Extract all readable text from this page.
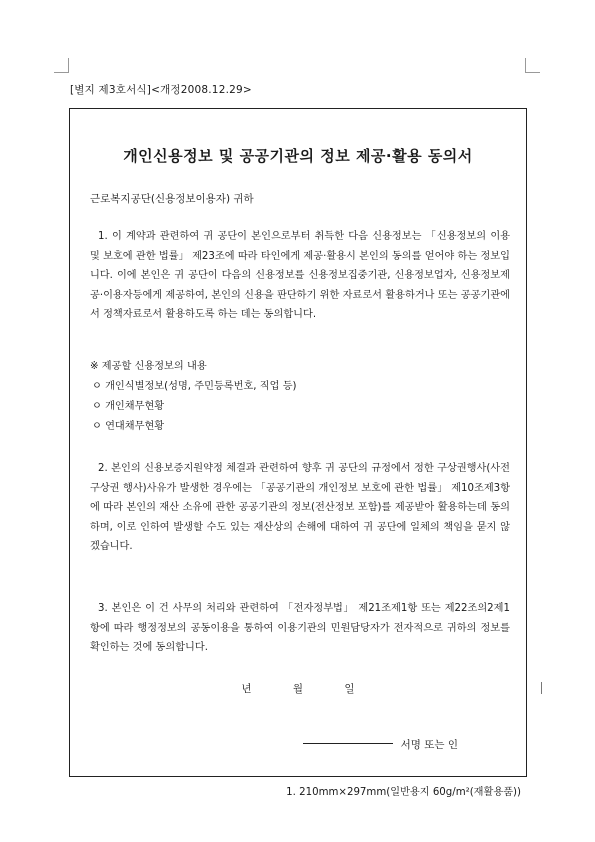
[별지 제3호서식]<개정2008.12.29>
개인신용정보 및 공공기관의 정보 제공·활용 동의서
근로복지공단(신용정보이용자) 귀하
1. 이 계약과 관련하여 귀 공단이 본인으로부터 취득한 다음 신용정보는 「신용정보의 이용 및 보호에 관한 법률」 제23조에 따라 타인에게 제공·활용시 본인의 동의를 얻어야 하는 정보입니다. 이에 본인은 귀 공단이 다음의 신용정보를 신용정보집중기관, 신용정보업자, 신용정보제공·이용자등에게 제공하여, 본인의 신용을 판단하기 위한 자료로서 활용하거나 또는 공공기관에서 정책자료로서 활용하도록 하는 데는 동의합니다.
※ 제공할 신용정보의 내용
ㅇ 개인식별정보(성명, 주민등록번호, 직업 등)
ㅇ 개인채무현황
ㅇ 연대채무현황
2. 본인의 신용보증지원약정 체결과 관련하여 향후 귀 공단의 규정에서 정한 구상권행사(사전구상권 행사)사유가 발생한 경우에는 「공공기관의 개인정보 보호에 관한 법률」 제10조제3항에 따라 본인의 재산 소유에 관한 공공기관의 정보(전산정보 포함)를 제공받아 활용하는데 동의하며, 이로 인하여 발생할 수도 있는 재산상의 손해에 대하여 귀 공단에 일체의 책임을 묻지 않겠습니다.
3. 본인은 이 건 사무의 처리와 관련하여 「전자정부법」 제21조제1항 또는 제22조의2제1항에 따라 행정정보의 공동이용을 통하여 이용기관의 민원담당자가 전자적으로 귀하의 정보를 확인하는 것에 동의합니다.
년	월	일
서명 또는 인
1. 210mm×297mm(일반용지 60g/m²(재활용품))
